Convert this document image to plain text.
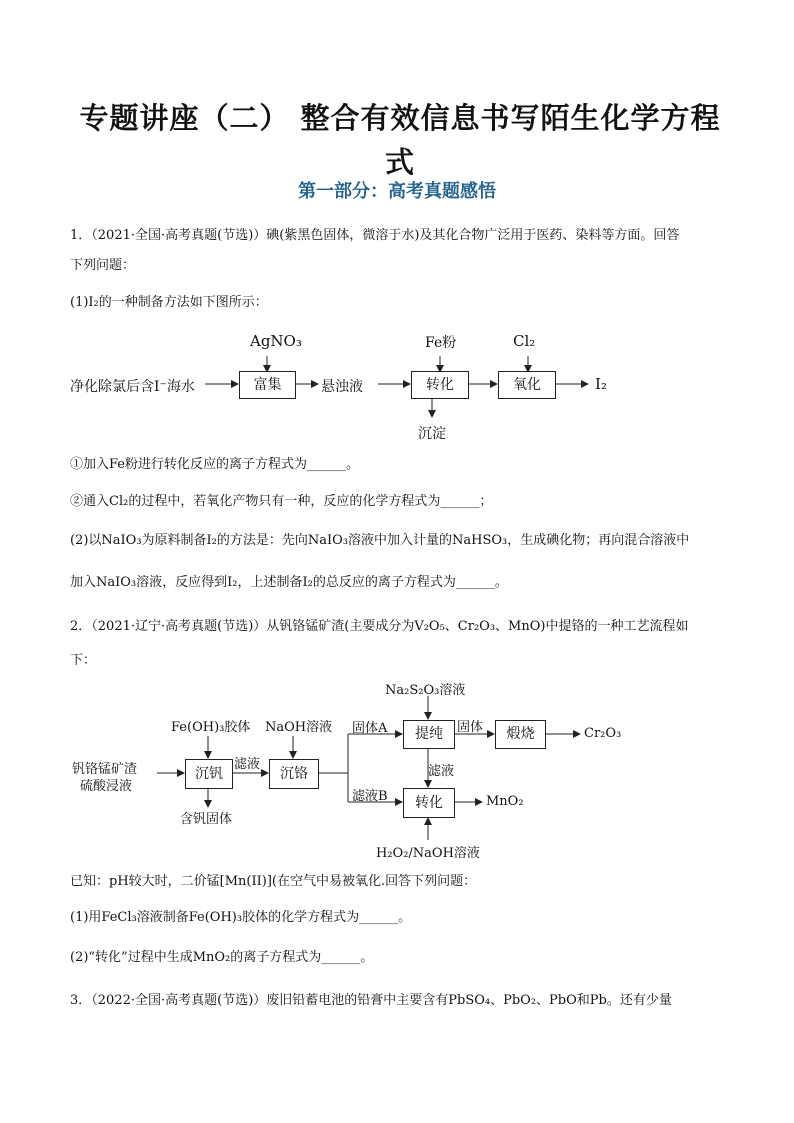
专题讲座（二） 整合有效信息书写陌生化学方程
式
第一部分：高考真题感悟
1．（2021·全国·高考真题(节选)）碘(紫黑色固体，微溶于水)及其化合物广泛用于医药、染料等方面。回答
下列问题：
(1)I₂的一种制备方法如下图所示：
净化除氯后含I⁻海水
AgNO₃
富集	悬浊液
Fe粉
转化
Cl₂
氧化	I₂
沉淀
①加入Fe粉进行转化反应的离子方程式为______。
②通入Cl₂的过程中，若氧化产物只有一种，反应的化学方程式为______；
(2)以NaIO₃为原料制备I₂的方法是：先向NaIO₃溶液中加入计量的NaHSO₃，生成碘化物；再向混合溶液中
加入NaIO₃溶液，反应得到I₂，上述制备I₂的总反应的离子方程式为______。
2．（2021·辽宁·高考真题(节选)）从钒铬锰矿渣(主要成分为V₂O₅、Cr₂O₃、MnO)中提铬的一种工艺流程如
下：
钒铬锰矿渣
硫酸浸液
Fe(OH)₃胶体
沉钒
含钒固体
滤液
NaOH溶液
沉铬
固体A
滤液B
Na₂S₂O₃溶液
提纯	固体	煅烧	Cr₂O₃
滤液
转化	MnO₂
H₂O₂/NaOH溶液
已知：pH较大时，二价锰[Mn(II)](在空气中易被氧化.回答下列问题：
(1)用FeCl₃溶液制备Fe(OH)₃胶体的化学方程式为______。
(2)“转化”过程中生成MnO₂的离子方程式为______。
3．（2022·全国·高考真题(节选)）废旧铅蓄电池的铅膏中主要含有PbSO₄、PbO₂、PbO和Pb。还有少量
